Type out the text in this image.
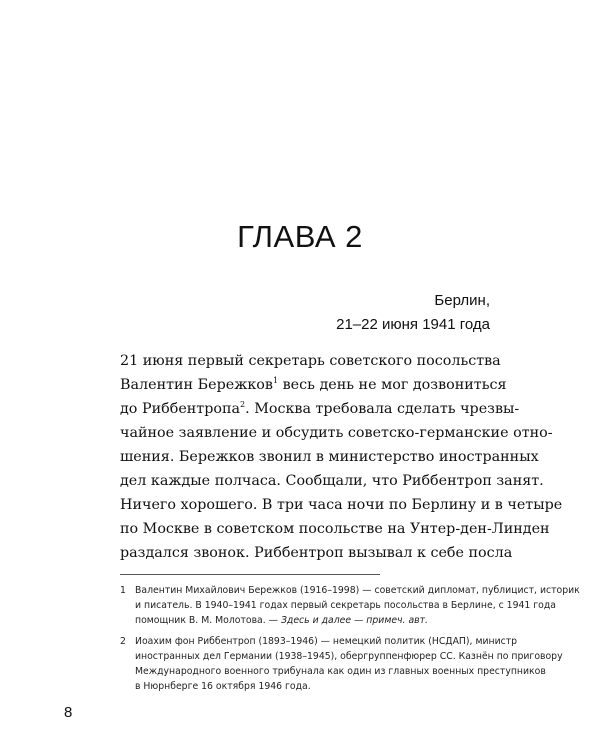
ГЛАВА 2
Берлин,
21–22 июня 1941 года
21 июня первый секретарь советского посольства
Валентин Бережков$^1$ весь день не мог дозвониться
до Риббентропа$^2$. Москва требовала сделать чрезвы-
чайное заявление и обсудить советско-германские отно-
шения. Бережков звонил в министерство иностранных
дел каждые полчаса. Сообщали, что Риббентроп занят.
Ничего хорошего. В три часа ночи по Берлину и в четыре
по Москве в советском посольстве на Унтер-ден-Линден
раздался звонок. Риббентроп вызывал к себе посла
1 Валентин Михайлович Бережков (1916–1998) — советский дипломат, публицист, историк
и писатель. В 1940–1941 годах первый секретарь посольства в Берлине, с 1941 года
помощник В. М. Молотова. — Здесь и далее — примеч. авт.
2 Иоахим фон Риббентроп (1893–1946) — немецкий политик (НСДАП), министр
иностранных дел Германии (1938–1945), обергруппенфюрер СС. Казнён по приговору
Международного военного трибунала как один из главных военных преступников
в Нюрнберге 16 октября 1946 года.
8
